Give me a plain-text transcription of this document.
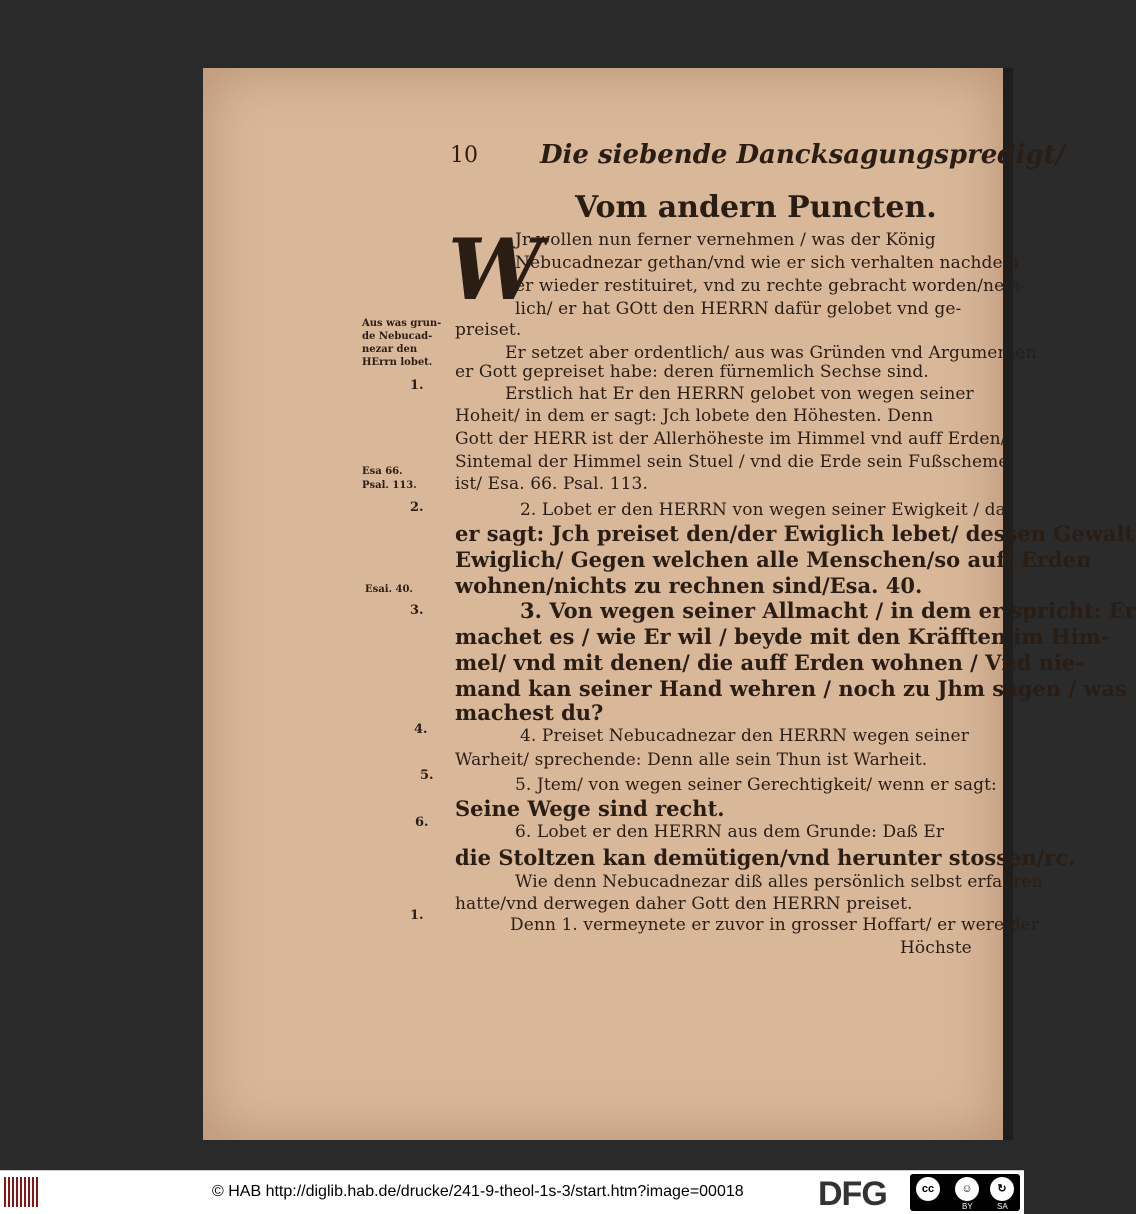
10 Die siebende Dancksagungspredigt/
Vom andern Puncten.
W
Jr wollen nun ferner vernehmen / was der König
Nebucadnezar gethan/vnd wie er sich verhalten nachdem
er wieder restituiret, vnd zu rechte gebracht worden/nem-
lich/ er hat GOtt den HERRN dafür gelobet vnd ge-
preiset.
Er setzet aber ordentlich/ aus was Gründen vnd Argumenten
er Gott gepreiset habe: deren fürnemlich Sechse sind.
Erstlich hat Er den HERRN gelobet von wegen seiner
Hoheit/ in dem er sagt: Jch lobete den Höhesten. Denn
Gott der HERR ist der Allerhöheste im Himmel vnd auff Erden/
Sintemal der Himmel sein Stuel / vnd die Erde sein Fußschemel
ist/ Esa. 66. Psal. 113.
2. Lobet er den HERRN von wegen seiner Ewigkeit / da
er sagt: Jch preiset den/der Ewiglich lebet/ dessen Gewalt
Ewiglich/ Gegen welchen alle Menschen/so auff Erden
wohnen/nichts zu rechnen sind/Esa. 40.
3. Von wegen seiner Allmacht / in dem er spricht: Er
machet es / wie Er wil / beyde mit den Kräfften im Him-
mel/ vnd mit denen/ die auff Erden wohnen / Vnd nie-
mand kan seiner Hand wehren / noch zu Jhm sagen / was
machest du?
4. Preiset Nebucadnezar den HERRN wegen seiner
Warheit/ sprechende: Denn alle sein Thun ist Warheit.
5. Jtem/ von wegen seiner Gerechtigkeit/ wenn er sagt:
Seine Wege sind recht.
6. Lobet er den HERRN aus dem Grunde: Daß Er
die Stoltzen kan demütigen/vnd herunter stossen/rc.
Wie denn Nebucadnezar diß alles persönlich selbst erfahren
hatte/vnd derwegen daher Gott den HERRN preiset.
Denn 1. vermeynete er zuvor in grosser Hoffart/ er were der
Höchste
Aus was grun-
de Nebucad-
nezar den
HErrn lobet.
1.
Esa 66.
Psal. 113.
2.
Esai. 40.
3.
4.
5.
6.
1.
© HAB http://diglib.hab.de/drucke/241-9-theol-1s-3/start.htm?image=00018 DFG	cc	☺	↻
BY	SA
